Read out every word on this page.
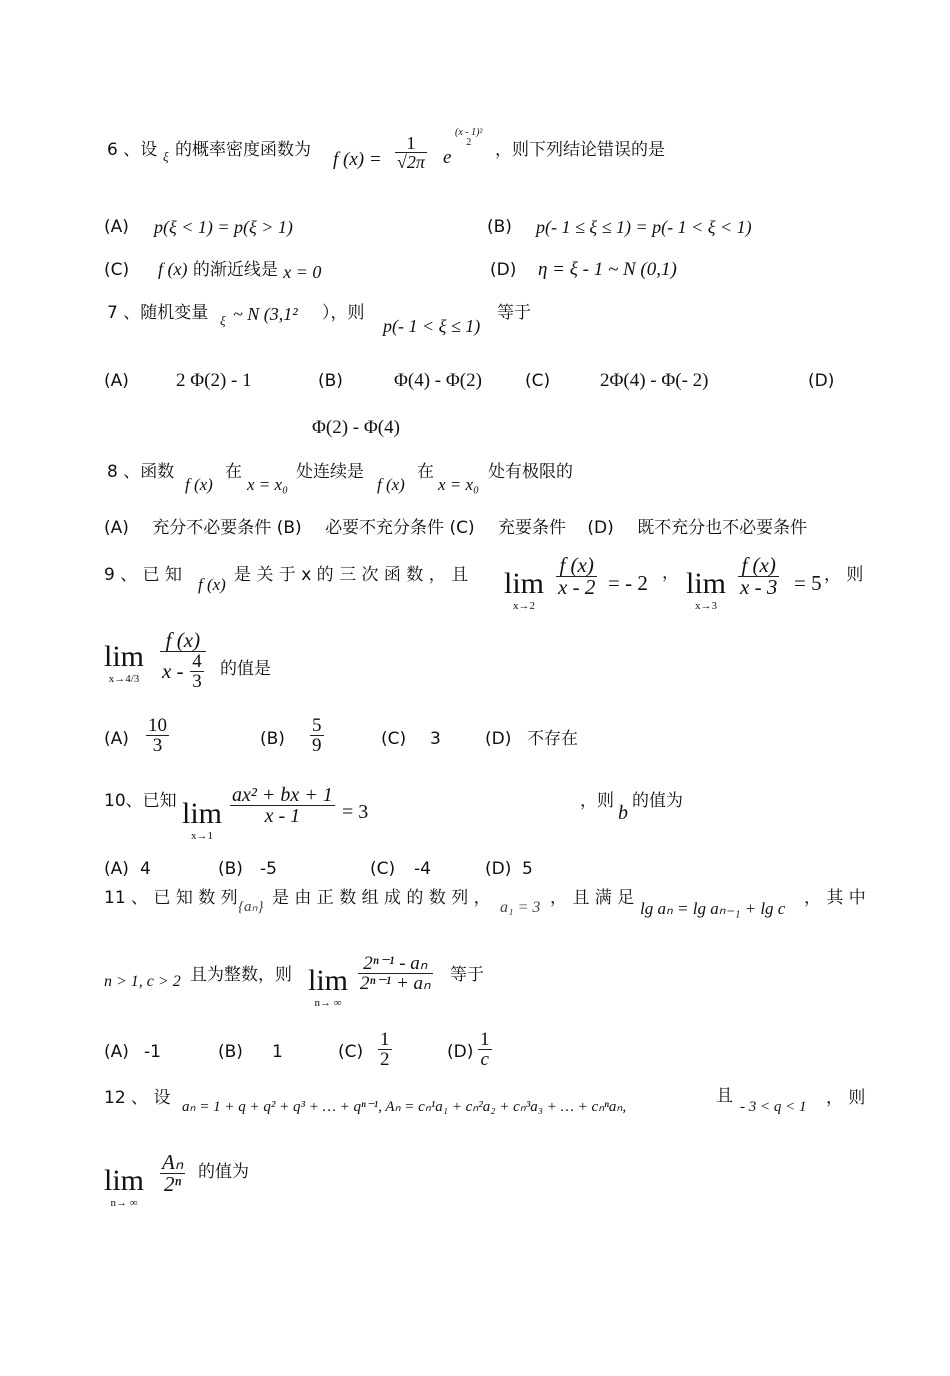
6 、设 ξ 的概率密度函数为 f (x) =
1
√2π e
(x - 1)²
2 ，则下列结论错误的是
(A) p(ξ < 1) = p(ξ > 1)	(B) p(- 1 ≤ ξ ≤ 1) = p(- 1 < ξ < 1)
(C) f (x) 的渐近线是 x = 0	(D) η = ξ - 1 ~ N (0,1)
7 、随机变量 ξ ~ N (3,1² ），则
p(- 1 < ξ ≤ 1)
等于
(A) 2 Φ(2) - 1	(B)	Φ(4) - Φ(2)	(C)	2Φ(4) - Φ(- 2)	(D)
Φ(2) - Φ(4)
8 、函数
f (x)
在
x = x₀
处连续是
f (x)
在
x = x₀
处有极限的
(A) 充分不必要条件 (B) 必要不充分条件 (C) 充要条件 (D) 既不充分也不必要条件
9 、 已 知 f (x) 是 关 于 x 的 三 次 函 数 ， 且 lim
x→2
f (x)
x - 2 = - 2 ， lim
x→3
f (x)
x - 3 = 5 ， 则
lim
x→4/3
f (x)
x - $\frac{4}{3}$ 的值是
(A)
10
3	(B)
5
9	(C) 3	(D) 不存在
10、已知 lim
x→1
ax² + bx + 1
x - 1 = 3	，则
b
的值为
(A) 4	(B) -5	(C) -4	(D) 5
11 、 已 知 数 列 {aₙ} 是 由 正 数 组 成 的 数 列 ， a₁ = 3 ， 且 满 足
lg aₙ = lg aₙ₋₁ + lg c
， 其 中
n > 1, c > 2 且为整数，则 lim
n→ ∞
2ⁿ⁻¹ - aₙ
2ⁿ⁻¹ + aₙ 等于
(A) -1	(B) 1	(C)
1
2	(D)
1
c
12 、 设 aₙ = 1 + q + q² + q³ + … + qⁿ⁻¹, Aₙ = cₙ¹a₁ + cₙ²a₂ + cₙ³a₃ + … + cₙⁿaₙ,
且
- 3 < q < 1 ， 则
lim
n→ ∞
Aₙ
2ⁿ 的值为
